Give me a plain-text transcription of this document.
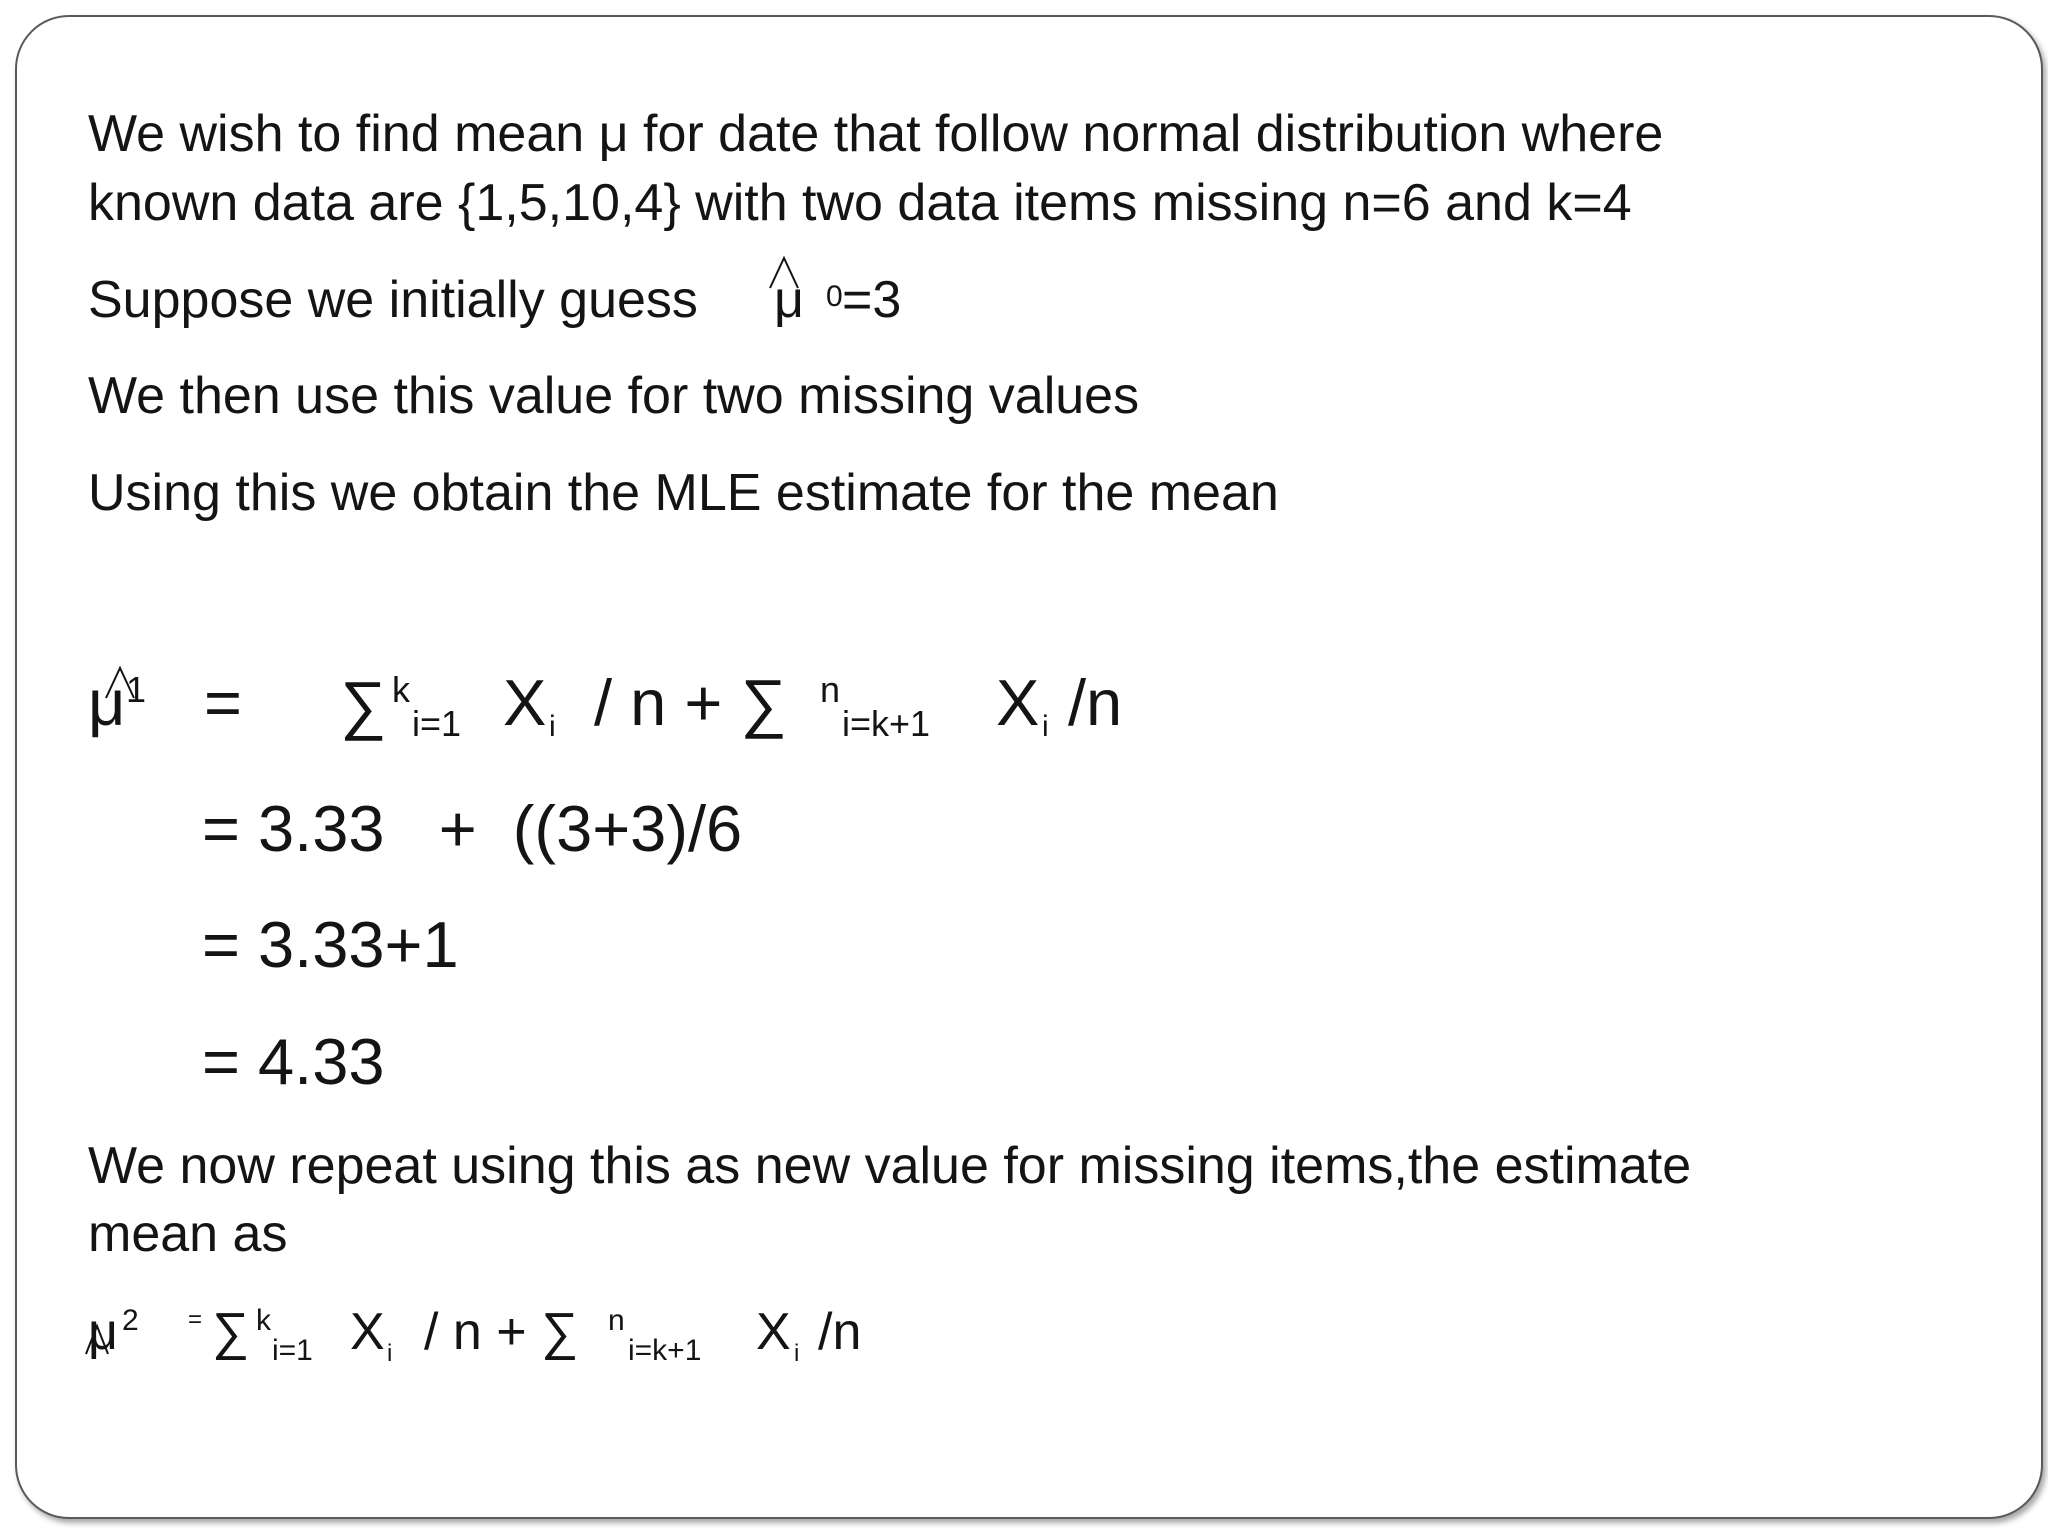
We wish to find mean μ for date that follow normal distribution where
known data are {1,5,10,4} with two data items missing n=6 and k=4
Suppose we initially guess μ 0 =3
We then use this value for two missing values
Using this we obtain the MLE estimate for the mean
μ 1 = ∑ k
i=1 X i / n + ∑ n
i=k+1 X i /n
= 3.33   +  ((3+3)/6
= 3.33+1
= 4.33
We now repeat using this as new value for missing items,the estimate
mean as
μ 2 = ∑ k
i=1 X i / n + ∑ n
i=k+1 X i /n
